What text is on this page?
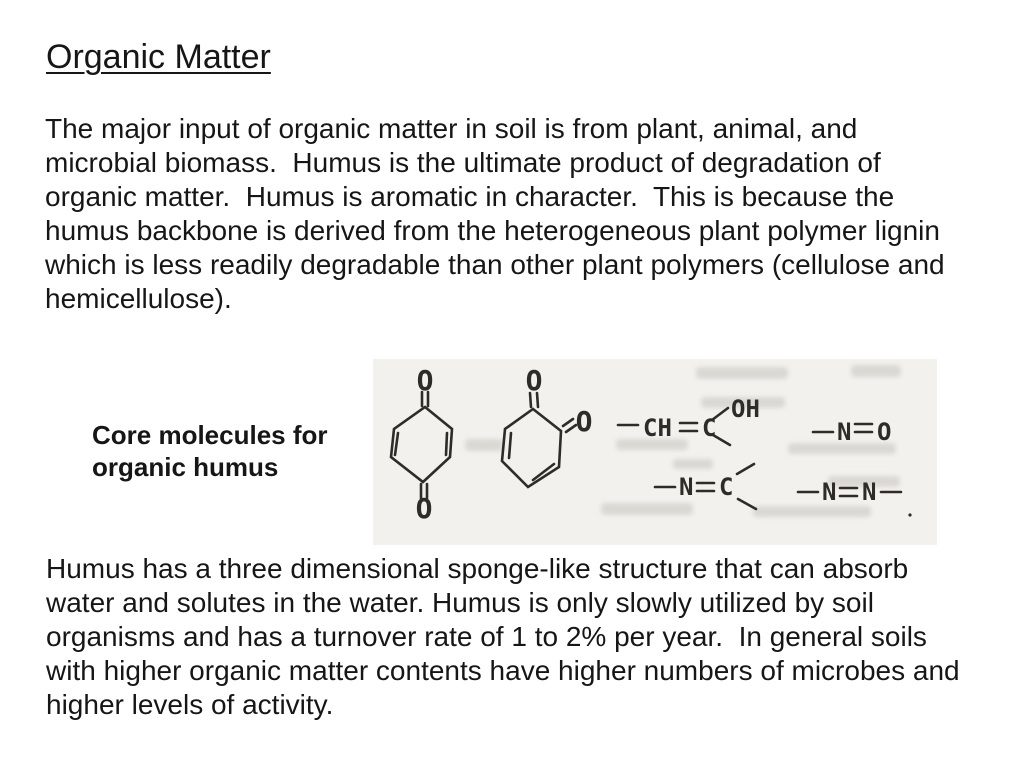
Organic Matter
The major input of organic matter in soil is from plant, animal, and
microbial biomass.  Humus is the ultimate product of degradation of
organic matter.  Humus is aromatic in character.  This is because the
humus backbone is derived from the heterogeneous plant polymer lignin
which is less readily degradable than other plant polymers (cellulose and
hemicellulose).
Core molecules for
organic humus
O
O
O
O CH C
OH
N O
N C	N N
Humus has a three dimensional sponge-like structure that can absorb
water and solutes in the water. Humus is only slowly utilized by soil
organisms and has a turnover rate of 1 to 2% per year.  In general soils
with higher organic matter contents have higher numbers of microbes and
higher levels of activity.
